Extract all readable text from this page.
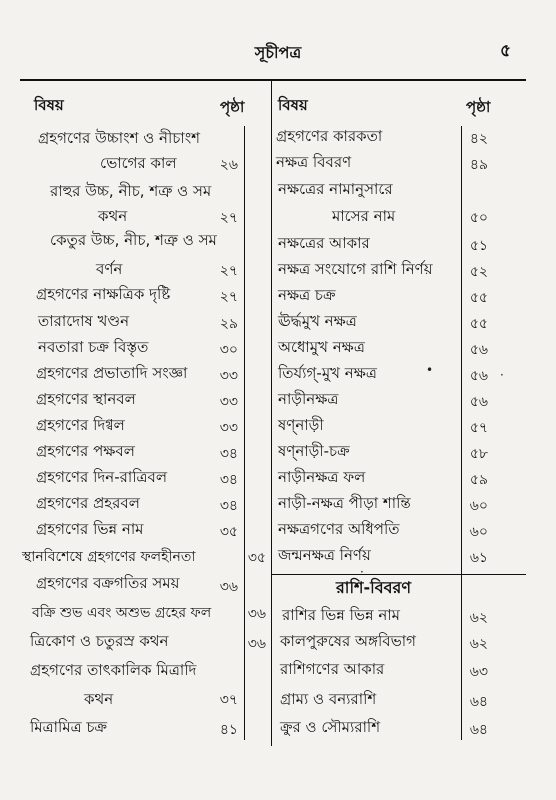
সূচীপত্র	৫
•	·
·
বিষয়	পৃষ্ঠা
গ্রহগণের উচ্চাংশ ও নীচাংশ
ভোগের কাল	২৬
রাহুর উচ্চ, নীচ, শত্রু ও সম
কথন	২৭
কেতুর উচ্চ, নীচ, শত্রু ও সম
বর্ণন	২৭
গ্রহগণের নাক্ষত্রিক দৃষ্টি	২৭
তারাদোষ খণ্ডন	২৯
নবতারা চক্র বিস্তৃত	৩০
গ্রহগণের প্রভাতাদি সংজ্ঞা	৩৩
গ্রহগণের স্থানবল	৩৩
গ্রহগণের দিগ্বল	৩৩
গ্রহগণের পক্ষবল	৩৪
গ্রহগণের দিন-রাত্রিবল	৩৪
গ্রহগণের প্রহরবল	৩৪
গ্রহগণের ভিন্ন নাম	৩৫
স্থানবিশেষে গ্রহগণের ফলহীনতা	৩৫
গ্রহগণের বক্রগতির সময়	৩৬
বক্রি শুভ এবং অশুভ গ্রহের ফল	৩৬
ত্রিকোণ ও চতুরস্র কথন	৩৬
গ্রহগণের তাৎকালিক মিত্রাদি
কথন	৩৭
মিত্রামিত্র চক্র	৪১
বিষয়	পৃষ্ঠা
গ্রহগণের কারকতা	৪২
নক্ষত্র বিবরণ	৪৯
নক্ষত্রের নামানুসারে
মাসের নাম	৫০
নক্ষত্রের আকার	৫১
নক্ষত্র সংযোগে রাশি নির্ণয়	৫২
নক্ষত্র চক্র	৫৫
ঊর্দ্ধমুখ নক্ষত্র	৫৫
অধোমুখ নক্ষত্র	৫৬
তির্য্যগ্-মুখ নক্ষত্র	৫৬
নাড়ীনক্ষত্র	৫৬
ষণ্নাড়ী	৫৭
ষণ্নাড়ী-চক্র	৫৮
নাড়ীনক্ষত্র ফল	৫৯
নাড়ী-নক্ষত্র পীড়া শান্তি	৬০
নক্ষত্রগণের অধিপতি	৬০
জন্মনক্ষত্র নির্ণয়	৬১
রাশি-বিবরণ
রাশির ভিন্ন ভিন্ন নাম	৬২
কালপুরুষের অঙ্গবিভাগ	৬২
রাশিগণের আকার	৬৩
গ্রাম্য ও বন্যরাশি	৬৪
ক্রুর ও সৌম্যরাশি	৬৪
